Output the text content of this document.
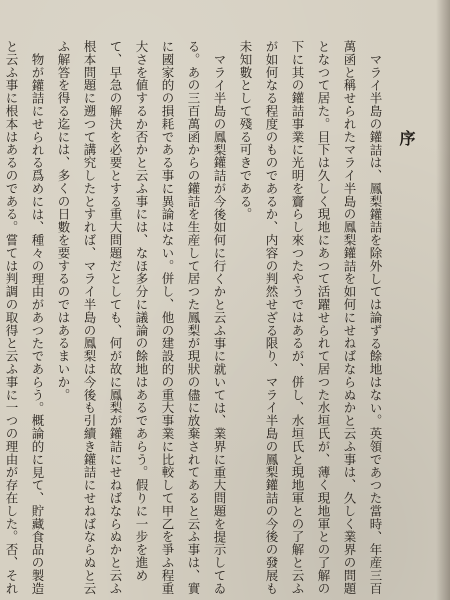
序

マライ半島の鑵詰は、鳳梨鑵詰を除外しては論ずる餘地はない。英領であつた當時、年産三百萬函と稱せられたマライ半島の鳳梨鑵詰を如何にせねばならぬかと云ふ事は、久しく業界の問題となつて居た。目下は久しく現地にあつて活躍せられて居つた水垣氏が、薄く現地軍との了解の下に其の鑵詰事業に光明を齎らし來つたやうではあるが、併し、水垣氏と現地軍との了解と云ふが如何なる程度のものであるか、内容の判然せざる限り、マライ半島の鳳梨鑵詰の今後の發展も未知數として殘る可きである。

マライ半島の鳳梨鑵詰が今後如何に行くかと云ふ事に就いては、業界に重大問題を提示してゐる。あの三百萬函からの鑵詰を生産して居つた鳳梨が現狀の儘に放棄されてあると云ふ事は、實に國家的の損耗である事に異論はない。併し、他の建設的の重大事業に比較して甲乙を爭ふ程重大さを値するか否かと云ふ事には、なほ多分に議論の餘地はあるであらう。假りに一步を進めて、早急の解決を必要とする重大問題だとしても、何が故に鳳梨が鑵詰にせねばならぬかと云ふ根本問題に遡つて講究したとすれば、マライ半島の鳳梨は今後も引續き鑵詰にせねばならぬと云ふ解答を得る迄には、多くの日數を要するのではあるまいか。

物が鑵詰にせられる爲めには、種々の理由があつたであらう。概論的に見て、貯藏食品の製造と云ふ事に根本はあるのである。嘗ては判調の取得と云ふ事に一つの理由が存在した。否、それ
